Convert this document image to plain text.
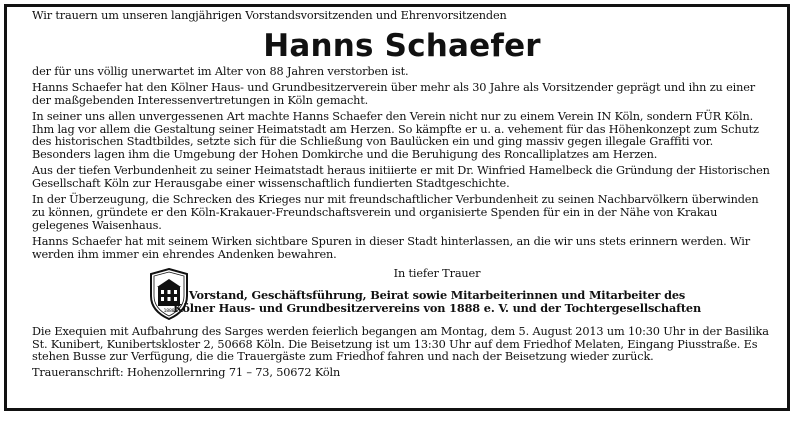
Wir trauern um unseren langjährigen Vorstandsvorsitzenden und Ehrenvorsitzenden

Hanns Schaefer

der für uns völlig unerwartet im Alter von 88 Jahren verstorben ist.

Hanns Schaefer hat den Kölner Haus- und Grundbesitzerverein über mehr als 30 Jahre als Vorsitzender geprägt und ihn zu einer der maßgebenden Interessenvertretungen in Köln gemacht.

In seiner uns allen unvergessenen Art machte Hanns Schaefer den Verein nicht nur zu einem Verein IN Köln, sondern FÜR Köln. Ihm lag vor allem die Gestaltung seiner Heimatstadt am Herzen. So kämpfte er u. a. vehement für das Höhenkonzept zum Schutz des historischen Stadtbildes, setzte sich für die Schließung von Baulücken ein und ging massiv gegen illegale Graffiti vor. Besonders lagen ihm die Umgebung der Hohen Domkirche und die Beruhigung des Roncalliplatzes am Herzen.

Aus der tiefen Verbundenheit zu seiner Heimatstadt heraus initiierte er mit Dr. Winfried Hamelbeck die Gründung der Historischen Gesellschaft Köln zur Herausgabe einer wissenschaftlich fundierten Stadtgeschichte.

In der Überzeugung, die Schrecken des Krieges nur mit freundschaftlicher Verbundenheit zu seinen Nachbarvölkern überwinden zu können, gründete er den Köln-Krakauer-Freundschaftsverein und organisierte Spenden für ein in der Nähe von Krakau gelegenes Waisenhaus.

Hanns Schaefer hat mit seinem Wirken sichtbare Spuren in dieser Stadt hinterlassen, an die wir uns stets erinnern werden. Wir werden ihm immer ein ehrendes Andenken bewahren.

1888
In tiefer Trauer
Vorstand, Geschäftsführung, Beirat sowie Mitarbeiterinnen und Mitarbeiter des
Kölner Haus- und Grundbesitzervereins von 1888 e. V. und der Tochtergesellschaften

Die Exequien mit Aufbahrung des Sarges werden feierlich begangen am Montag, dem 5. August 2013 um 10:30 Uhr in der Basilika St. Kunibert, Kunibertskloster 2, 50668 Köln. Die Beisetzung ist um 13:30 Uhr auf dem Friedhof Melaten, Eingang Piusstraße. Es stehen Busse zur Verfügung, die die Trauergäste zum Friedhof fahren und nach der Beisetzung wieder zurück.

Traueranschrift: Hohenzollernring 71 – 73, 50672 Köln
